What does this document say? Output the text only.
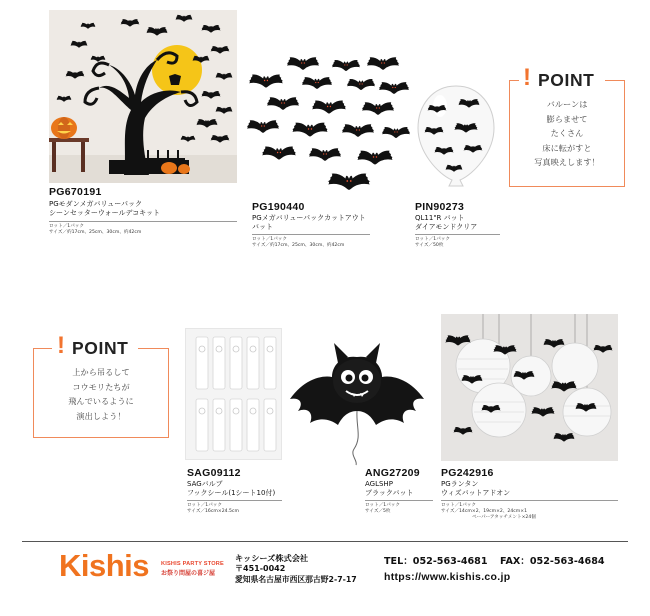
PG670191
PGモダンメガバリューパック
シーンセッターウォールデコキット
ロット／1パック
サイズ／約17cm、25cm、30cm、約42cm
PG190440
PGメガバリューパックカットアウト
バット
ロット／1パック
サイズ／約17cm、25cm、30cm、約42cm
PIN90273
QL11"R バット
ダイアモンドクリア
ロット／1パック
サイズ／50枚
バルーンは
膨らませて
たくさん
床に転がすと
写真映えします！
! POINT
上から吊るして
コウモリたちが
飛んでいるように
演出しよう！
! POINT
SAG09112
SAGバルブ
フックシール(1シート10付)
ロット／1パック
サイズ／16cm×24.5cm
ANG27209
AGLSHP
ブラックバット
ロット／1パック
サイズ／5枚
PG242916
PGランタン
ウィズバットアドオン
ロット／1パック
サイズ／14cm×2、19cm×2、24cm×1
ペーパーアタッチメント×24個
Kishis KISHIS PARTY STORE
お祭り問屋の喜ジ屋
キッシーズ株式会社
〒451-0042
愛知県名古屋市西区那古野2-7-17
TEL：052-563-4681 FAX：052-563-4684
https://www.kishis.co.jp
